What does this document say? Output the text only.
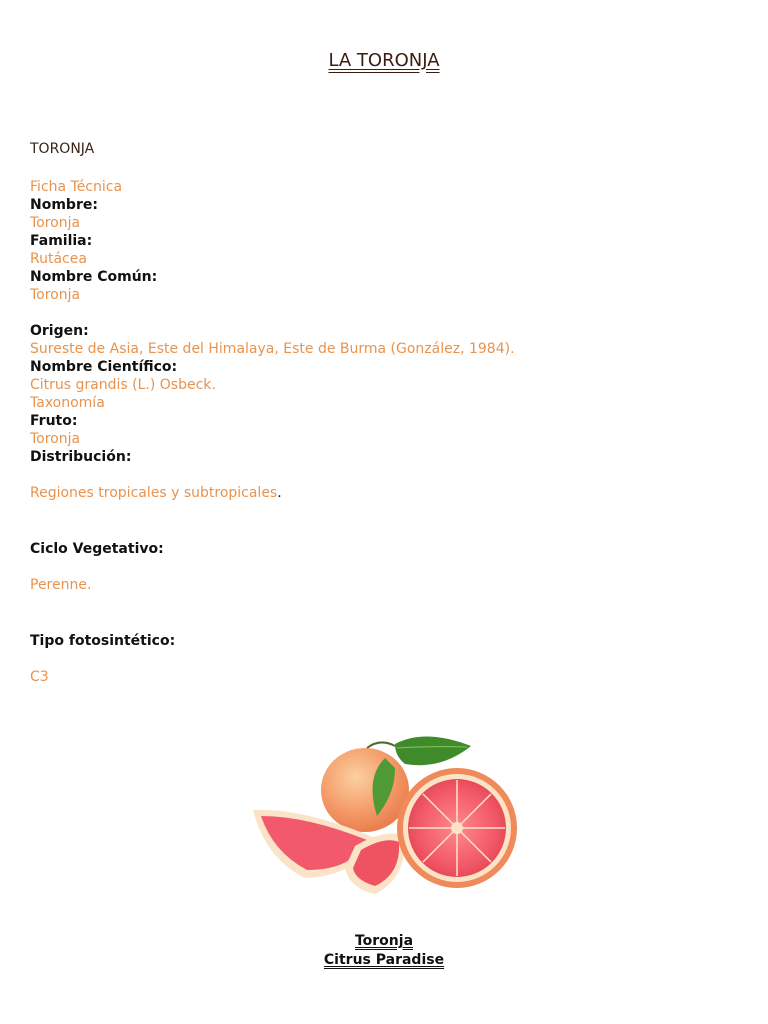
LA TORONJA
TORONJA
Ficha Técnica
Nombre:
Toronja
Familia:
Rutácea
Nombre Común:
Toronja
Origen:
Sureste de Asia, Este del Himalaya, Este de Burma (González, 1984).
Nombre Científico:
Citrus grandis (L.) Osbeck.
Taxonomía
Fruto:
Toronja
Distribución:
Regiones tropicales y subtropicales.
Ciclo Vegetativo:
Perenne.
Tipo fotosintético:
C3
Toronja
Citrus Paradise
